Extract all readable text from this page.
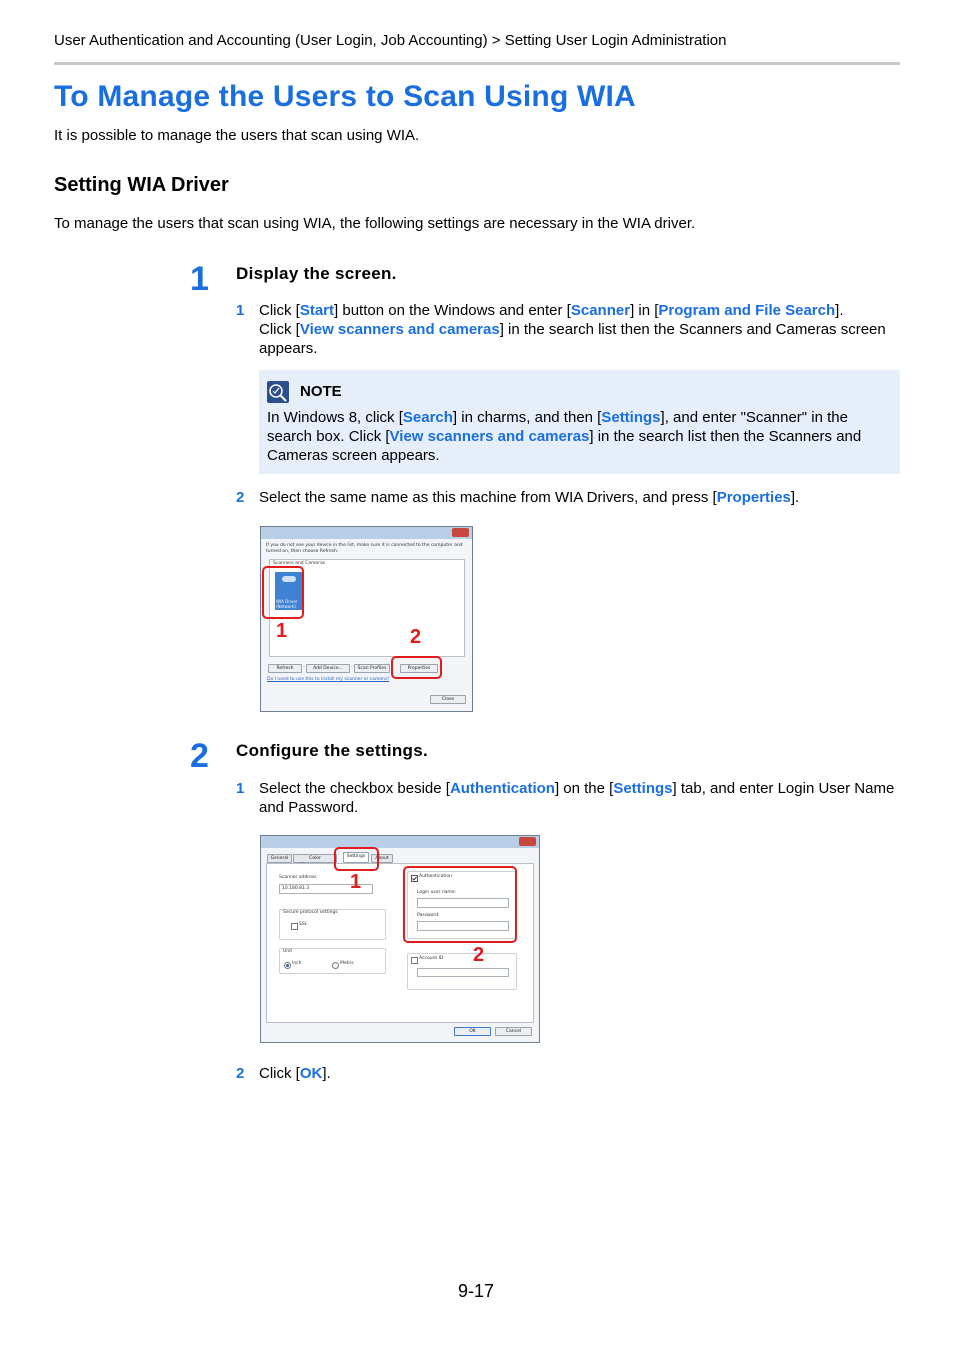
User Authentication and Accounting (User Login, Job Accounting) > Setting User Login Administration
To Manage the Users to Scan Using WIA
It is possible to manage the users that scan using WIA.
Setting WIA Driver
To manage the users that scan using WIA, the following settings are necessary in the WIA driver.
1 Display the screen.
1 Click [Start] button on the Windows and enter [Scanner] in [Program and File Search].
Click [View scanners and cameras] in the search list then the Scanners and Cameras screen appears.
NOTE
In Windows 8, click [Search] in charms, and then [Settings], and enter "Scanner" in the search box. Click [View scanners and cameras] in the search list then the Scanners and Cameras screen appears.
2 Select the same name as this machine from WIA Drivers, and press [Properties].
If you do not see your device in the list, make sure it is connected to the computer and turned on, then choose Refresh.
Scanners and Cameras
WIA Driver (Network)
Refresh	Add Device...	Scan Profiles	Properties
Do I need to use this to install my scanner or camera?
Close
1	2
2 Configure the settings.
1 Select the checkbox beside [Authentication] on the [Settings] tab, and enter Login User Name and Password.
General	Color	Settings	About
Scanner address
10.180.81.3
Secure protocol settings
SSL
Unit
Inch	Metric
Authentication
Login user name:
Password:
Account ID
OK	Cancel
1
2
2 Click [OK].
9-17
